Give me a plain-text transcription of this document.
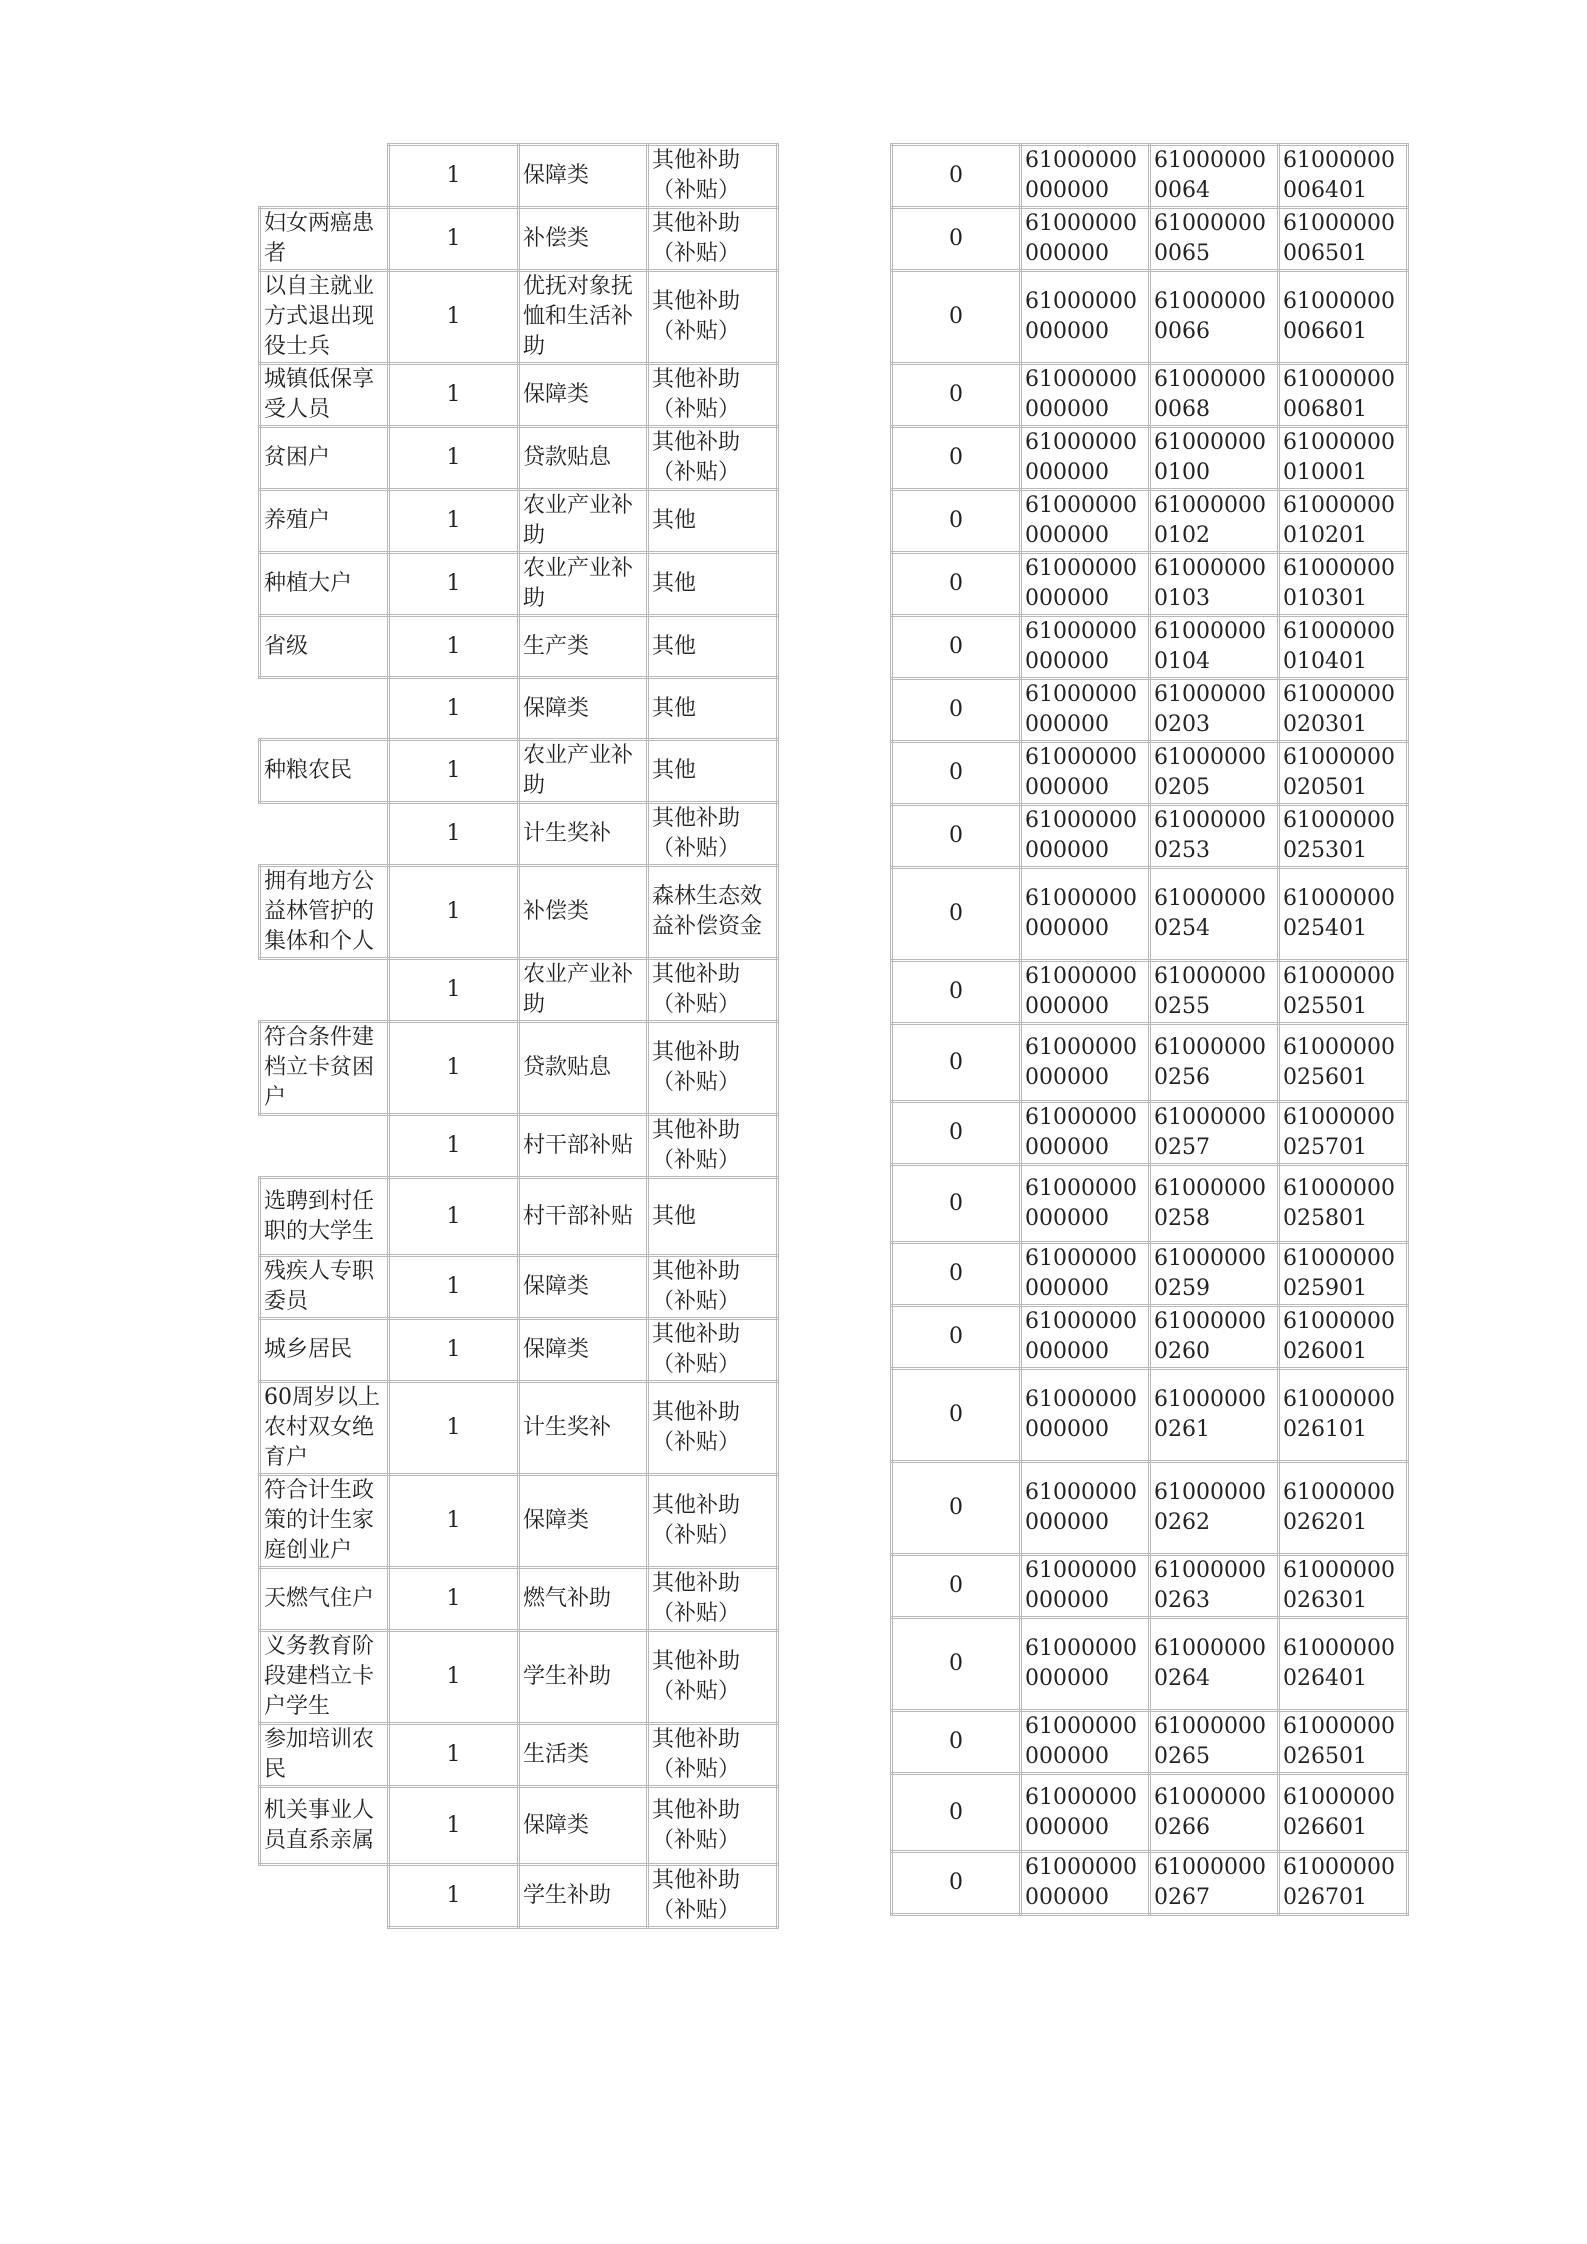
	1	保障类	其他补助（补贴）
妇女两癌患者	1	补偿类	其他补助（补贴）
以自主就业方式退出现役士兵	1	优抚对象抚恤和生活补助	其他补助（补贴）
城镇低保享受人员	1	保障类	其他补助（补贴）
贫困户	1	贷款贴息	其他补助（补贴）
养殖户	1	农业产业补助	其他
种植大户	1	农业产业补助	其他
省级	1	生产类	其他
	1	保障类	其他
种粮农民	1	农业产业补助	其他
	1	计生奖补	其他补助（补贴）
拥有地方公益林管护的集体和个人	1	补偿类	森林生态效益补偿资金
	1	农业产业补助	其他补助（补贴）
符合条件建档立卡贫困户	1	贷款贴息	其他补助（补贴）
	1	村干部补贴	其他补助（补贴）
选聘到村任职的大学生	1	村干部补贴	其他
残疾人专职委员	1	保障类	其他补助（补贴）
城乡居民	1	保障类	其他补助（补贴）
60周岁以上农村双女绝育户	1	计生奖补	其他补助（补贴）
符合计生政策的计生家庭创业户	1	保障类	其他补助（补贴）
天燃气住户	1	燃气补助	其他补助（补贴）
义务教育阶段建档立卡户学生	1	学生补助	其他补助（补贴）
参加培训农民	1	生活类	其他补助（补贴）
机关事业人员直系亲属	1	保障类	其他补助（补贴）
	1	学生补助	其他补助（补贴）
0	61000000000000	610000000064	61000000006401
0	61000000000000	610000000065	61000000006501
0	61000000000000	610000000066	61000000006601
0	61000000000000	610000000068	61000000006801
0	61000000000000	610000000100	61000000010001
0	61000000000000	610000000102	61000000010201
0	61000000000000	610000000103	61000000010301
0	61000000000000	610000000104	61000000010401
0	61000000000000	610000000203	61000000020301
0	61000000000000	610000000205	61000000020501
0	61000000000000	610000000253	61000000025301
0	61000000000000	610000000254	61000000025401
0	61000000000000	610000000255	61000000025501
0	61000000000000	610000000256	61000000025601
0	61000000000000	610000000257	61000000025701
0	61000000000000	610000000258	61000000025801
0	61000000000000	610000000259	61000000025901
0	61000000000000	610000000260	61000000026001
0	61000000000000	610000000261	61000000026101
0	61000000000000	610000000262	61000000026201
0	61000000000000	610000000263	61000000026301
0	61000000000000	610000000264	61000000026401
0	61000000000000	610000000265	61000000026501
0	61000000000000	610000000266	61000000026601
0	61000000000000	610000000267	61000000026701
